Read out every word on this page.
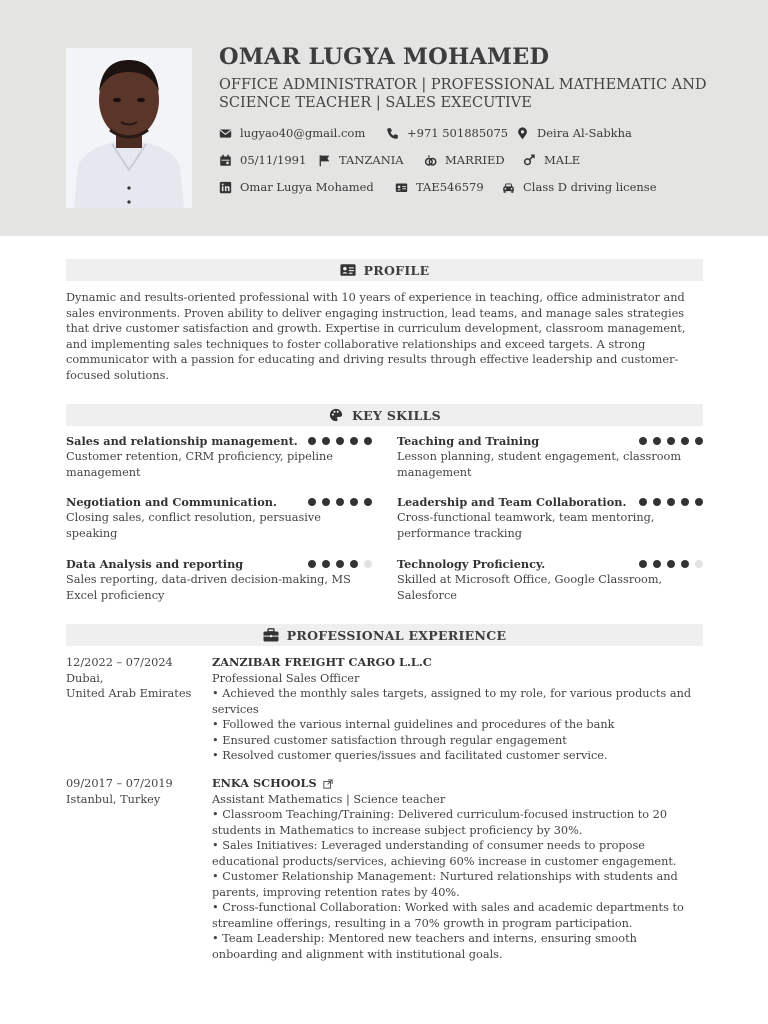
OMAR LUGYA MOHAMED
OFFICE ADMINISTRATOR | PROFESSIONAL MATHEMATIC AND SCIENCE TEACHER | SALES EXECUTIVE
lugyao40@gmail.com	+971 501885075	Deira Al-Sabkha
05/11/1991	TANZANIA	MARRIED	MALE
Omar Lugya Mohamed	TAE546579	Class D driving license
PROFILE
Dynamic and results-oriented professional with 10 years of experience in teaching, office administrator and sales environments. Proven ability to deliver engaging instruction, lead teams, and manage sales strategies that drive customer satisfaction and growth. Expertise in curriculum development, classroom management, and implementing sales techniques to foster collaborative relationships and exceed targets. A strong communicator with a passion for educating and driving results through effective leadership and customer-focused solutions.
KEY SKILLS
Sales and relationship management.
Customer retention, CRM proficiency, pipeline management
Teaching and Training
Lesson planning, student engagement, classroom management
Negotiation and Communication.
Closing sales, conflict resolution, persuasive speaking
Leadership and Team Collaboration.
Cross-functional teamwork, team mentoring, performance tracking
Data Analysis and reporting
Sales reporting, data-driven decision-making, MS Excel proficiency
Technology Proficiency.
Skilled at Microsoft Office, Google Classroom, Salesforce
PROFESSIONAL EXPERIENCE
12/2022 – 07/2024
Dubai,
United Arab Emirates
ZANZIBAR FREIGHT CARGO L.L.C
Professional Sales Officer
• Achieved the monthly sales targets, assigned to my role, for various products and services
• Followed the various internal guidelines and procedures of the bank
• Ensured customer satisfaction through regular engagement
• Resolved customer queries/issues and facilitated customer service.
09/2017 – 07/2019
Istanbul, Turkey
ENKA SCHOOLS
Assistant Mathematics | Science teacher
• Classroom Teaching/Training: Delivered curriculum-focused instruction to 20 students in Mathematics to increase subject proficiency by 30%.
• Sales Initiatives: Leveraged understanding of consumer needs to propose educational products/services, achieving 60% increase in customer engagement.
• Customer Relationship Management: Nurtured relationships with students and parents, improving retention rates by 40%.
• Cross-functional Collaboration: Worked with sales and academic departments to streamline offerings, resulting in a 70% growth in program participation.
• Team Leadership: Mentored new teachers and interns, ensuring smooth onboarding and alignment with institutional goals.
